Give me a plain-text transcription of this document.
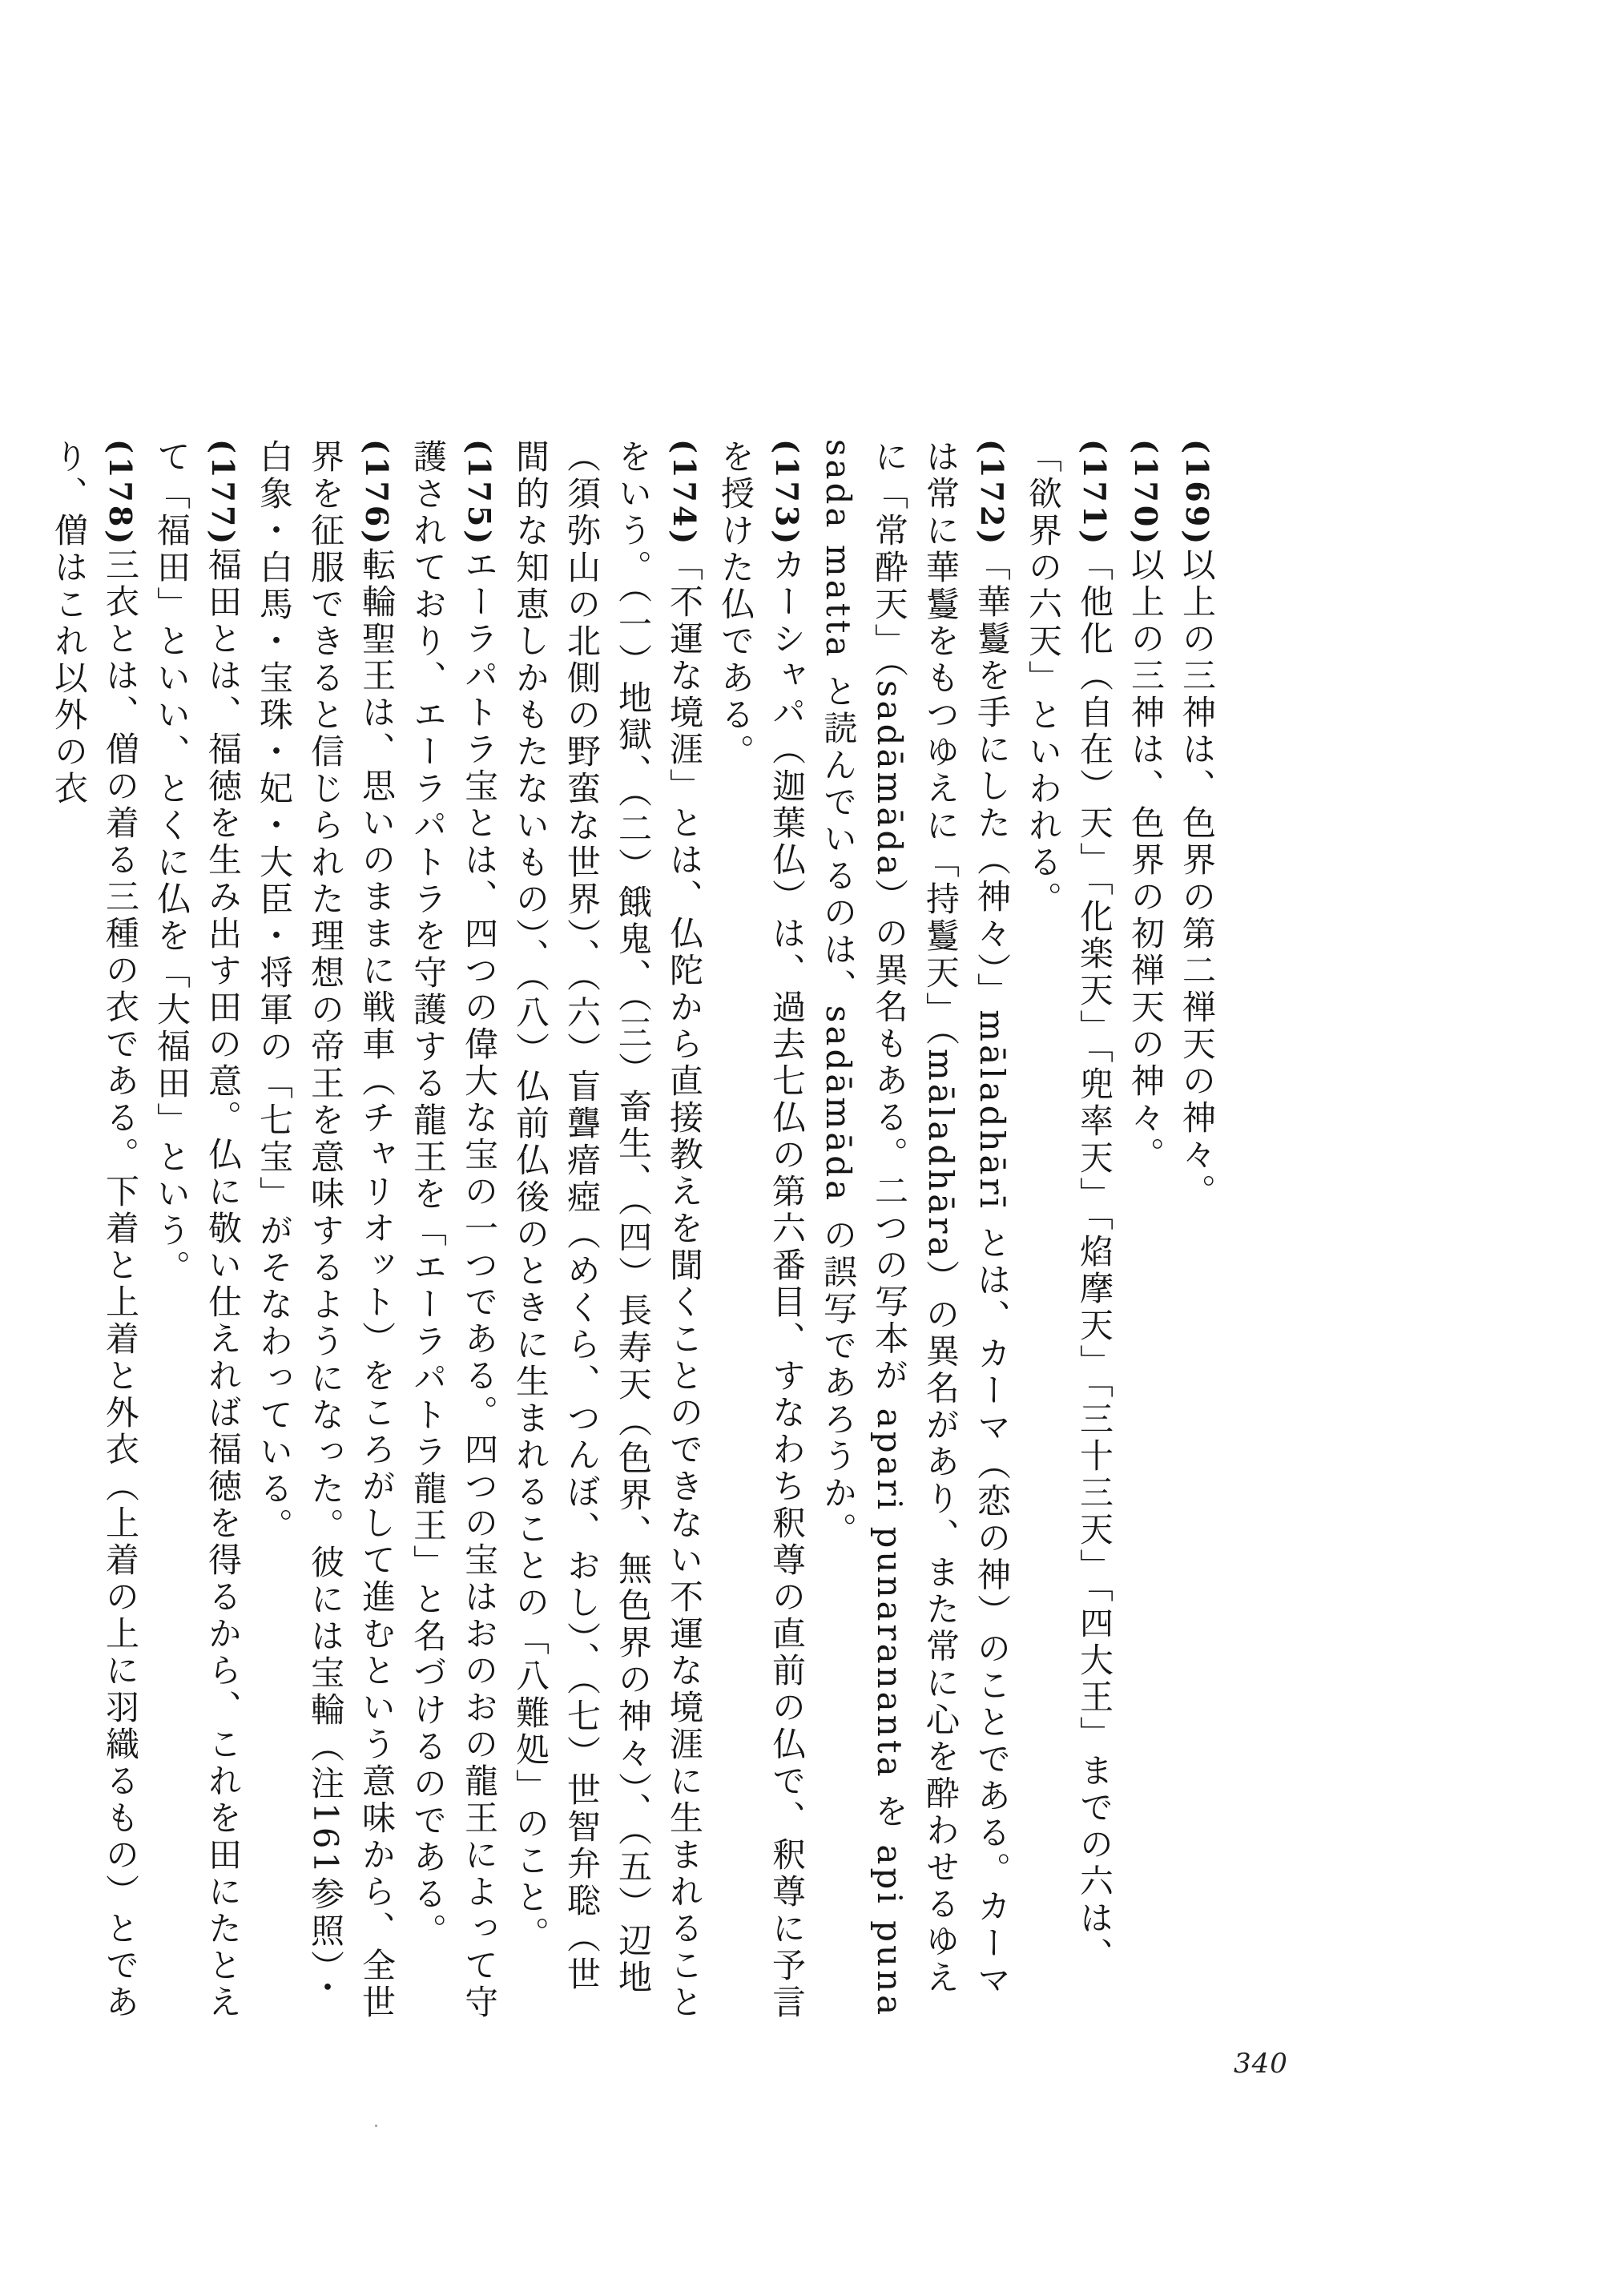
(169)以上の三神は、色界の第二禅天の神々。

(170)以上の三神は、色界の初禅天の神々。

(171)「他化（自在）天」「化楽天」「兜率天」「焰摩天」「三十三天」「四大王」までの六は、「欲界の六天」といわれる。

(172)「華鬘を手にした（神々）」māladhārī とは、カーマ（恋の神）のことである。カーマは常に華鬘をもつゆえに「持鬘天」（māladhāra）の異名があり、また常に心を酔わせるゆえに「常酔天」（sadāmāda）の異名もある。二つの写本が apari punarananta を api puna sada matta と読んでいるのは、sadāmāda の誤写であろうか。

(173)カーシャパ（迦葉仏）は、過去七仏の第六番目、すなわち釈尊の直前の仏で、釈尊に予言を授けた仏である。

(174)「不運な境涯」とは、仏陀から直接教えを聞くことのできない不運な境涯に生まれることをいう。（一）地獄、（二）餓鬼、（三）畜生、（四）長寿天（色界、無色界の神々）、（五）辺地（須弥山の北側の野蛮な世界）、（六）盲聾瘖瘂（めくら、つんぼ、おし）、（七）世智弁聡（世間的な知恵しかもたないもの）、（八）仏前仏後のときに生まれることの「八難処」のこと。

(175)エーラパトラ宝とは、四つの偉大な宝の一つである。四つの宝はおのおの龍王によって守護されており、エーラパトラを守護する龍王を「エーラパトラ龍王」と名づけるのである。

(176)転輪聖王は、思いのままに戦車（チャリオット）をころがして進むという意味から、全世界を征服できると信じられた理想の帝王を意味するようになった。彼には宝輪（注161参照）・白象・白馬・宝珠・妃・大臣・将軍の「七宝」がそなわっている。

(177)福田とは、福徳を生み出す田の意。仏に敬い仕えれば福徳を得るから、これを田にたとえて「福田」といい、とくに仏を「大福田」という。

(178)三衣とは、僧の着る三種の衣である。下着と上着と外衣（上着の上に羽織るもの）とであり、僧はこれ以外の衣

340
